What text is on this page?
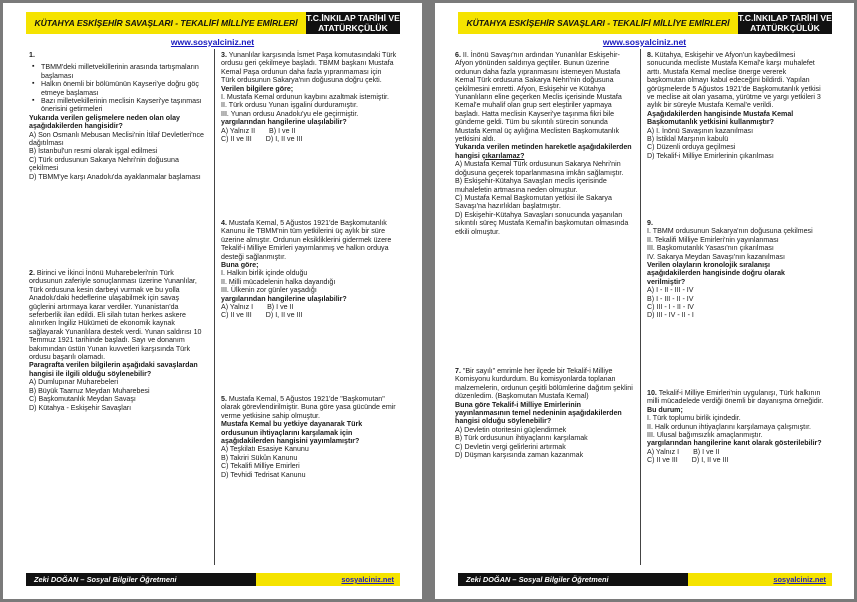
KÜTAHYA ESKİŞEHİR SAVAŞLARI - TEKALİFİ MİLLİYE EMİRLERİ	T.C.İNKILAP TARİHİ VE
ATATÜRKÇÜLÜK
www.sosyalciniz.net

1.

▪ TBMM'deki milletvekillerinin arasında tartışmaların başlaması
▪ Halkın önemli bir bölümünün Kayseri'ye doğru göç etmeye başlaması
▪ Bazı milletvekillerinin meclisin Kayseri'ye taşınması önerisini getirmeleri

Yukarıda verilen gelişmelere neden olan olay aşağıdakilerden hangisidir?

A) Son Osmanlı Mebusan Meclisi'nin İtilaf Devletleri'nce dağıtılması

B) İstanbul'un resmi olarak işgal edilmesi

C) Türk ordusunun Sakarya Nehri'nin doğusuna çekilmesi

D) TBMM'ye karşı Anadolu'da ayaklanmalar başlaması

2. Birinci ve İkinci İnönü Muharebeleri'nin Türk ordusunun zaferiyle sonuçlanması üzerine Yunanlılar, Türk ordusuna kesin darbeyi vurmak ve bu yolla Anadolu'daki hedeflerine ulaşabilmek için savaş güçlerini artırmaya karar verdiler. Yunanistan'da seferberlik ilan edildi. Eli silah tutan herkes askere alınırken İngiliz Hükümeti de ekonomik kaynak sağlayarak Yunanlılara destek verdi. Yunan saldırısı 10 Temmuz 1921 tarihinde başladı. Sayı ve donanım bakımından üstün Yunan kuvvetleri karşısında Türk ordusu başarılı olamadı.

Paragrafta verilen bilgilerin aşağıdaki savaşlardan hangisi ile ilgili olduğu söylenebilir?

A) Dumlupınar Muharebeleri

B) Büyük Taarruz Meydan Muharebesi

C) Başkomutanlık Meydan Savaşı

D) Kütahya - Eskişehir Savaşları

3. Yunanlılar karşısında İsmet Paşa komutasındaki Türk ordusu geri çekilmeye başladı. TBMM başkanı Mustafa Kemal Paşa ordunun daha fazla yıpranmaması için Türk ordusunun Sakarya'nın doğusuna doğru çekti.

Verilen bilgilere göre;

I. Mustafa Kemal ordunun kaybını azaltmak istemiştir.

II. Türk ordusu Yunan işgalini durduramıştır.

III. Yunan ordusu Anadolu'yu ele geçirmiştir.

yargılarından hangilerine ulaşılabilir?

A) Yalnız II B) I ve II
C) II ve III D) I, II ve III

4. Mustafa Kemal, 5 Ağustos 1921'de Başkomutanlık Kanunu ile TBMM'nin tüm yetkilerini üç aylık bir süre üzerine almıştır. Ordunun eksikliklerini gidermek üzere Tekalif-i Milliye Emirleri yayımlanmış ve halkın orduya desteği sağlanmıştır.

Buna göre;

I. Halkın birlik içinde olduğu

II. Milli mücadelenin halka dayandığı

III. Ülkenin zor günler yaşadığı

yargılarından hangilerine ulaşılabilir?

A) Yalnız I B) I ve II
C) II ve III D) I, II ve III

5. Mustafa Kemal, 5 Ağustos 1921'de "Başkomutan" olarak görevlendirilmiştir. Buna göre yasa gücünde emir verme yetkisine sahip olmuştur.

Mustafa Kemal bu yetkiye dayanarak Türk ordusunun ihtiyaçlarını karşılamak için aşağıdakilerden hangisini yayımlamıştır?

A) Teşkilatı Esasiye Kanunu

B) Takriri Sükûn Kanunu

C) Tekalifi Milliye Emirleri

D) Tevhidi Tedrisat Kanunu

Zeki DOĞAN – Sosyal Bilgiler Öğretmeni	sosyalciniz.net
KÜTAHYA ESKİŞEHİR SAVAŞLARI - TEKALİFİ MİLLİYE EMİRLERİ	T.C.İNKILAP TARİHİ VE
ATATÜRKÇÜLÜK
www.sosyalciniz.net

6. II. İnönü Savaşı'nın ardından Yunanlılar Eskişehir-Afyon yönünden saldırıya geçtiler. Bunun üzerine ordunun daha fazla yıpranmasını istemeyen Mustafa Kemal Türk ordusuna Sakarya Nehri'nin doğusuna çekilmesini emretti. Afyon, Eskişehir ve Kütahya Yunanlıların eline geçerken Meclis içerisinde Mustafa Kemal'e muhalif olan grup sert eleştiriler yapmaya başladı. Hatta meclisin Kayseri'ye taşınma fikri bile gündeme geldi. Tüm bu sıkıntılı sürecin sonunda Mustafa Kemal üç aylığına Meclisten Başkomutanlık yetkisini aldı.

Yukarıda verilen metinden hareketle aşağıdakilerden hangisi çıkarılamaz?

A) Mustafa Kemal Türk ordusunun Sakarya Nehri'nin doğusuna geçerek toparlanmasına imkân sağlamıştır.

B) Eskişehir-Kütahya Savaşları meclis içerisinde muhalefetin artmasına neden olmuştur.

C) Mustafa Kemal Başkomutan yetkisi ile Sakarya Savaşı'na hazırlıkları başlatmıştır.

D) Eskişehir-Kütahya Savaşları sonucunda yaşanılan sıkıntılı süreç Mustafa Kemal'in başkomutan olmasında etkili olmuştur.

7. "Bir sayılı" emrimle her ilçede bir Tekalif-i Milliye Komisyonu kurdurdum. Bu komisyonlarda toplanan malzemelerin, ordunun çeşitli bölümlerine dağıtım şeklini düzenledim. (Başkomutan Mustafa Kemal)

Buna göre Tekalif-i Milliye Emirlerinin yayınlanmasının temel nedeninin aşağıdakilerden hangisi olduğu söylenebilir?

A) Devletin otoritesini güçlendirmek

B) Türk ordusunun ihtiyaçlarını karşılamak

C) Devletin vergi gelirlerini artırmak

D) Düşman karşısında zaman kazanmak

8. Kütahya, Eskişehir ve Afyon'un kaybedilmesi sonucunda mecliste Mustafa Kemal'e karşı muhalefet arttı. Mustafa Kemal meclise önerge vererek başkomutan olmayı kabul edeceğini bildirdi. Yapılan görüşmelerde 5 Ağustos 1921'de Başkomutanlık yetkisi ve meclise ait olan yasama, yürütme ve yargı yetkileri 3 aylık bir süreyle Mustafa Kemal'e verildi.

Aşağıdakilerden hangisinde Mustafa Kemal Başkomutanlık yetkisini kullanmıştır?

A) I. İnönü Savaşının kazanılması

B) İstiklal Marşının kabulü

C) Düzenli orduya geçilmesi

D) Tekalif-i Milliye Emirlerinin çıkarılması

9.

I. TBMM ordusunun Sakarya'nın doğusuna çekilmesi

II. Tekalifi Milliye Emirleri'nin yayınlanması

III. Başkomutanlık Yasası'nın çıkarılması

IV. Sakarya Meydan Savaşı'nın kazanılması

Verilen olayların kronolojik sıralanışı aşağıdakilerden hangisinde doğru olarak verilmiştir?

A) I - II - III - IV

B) I - III - II - IV

C) III - I - II - IV

D) III - IV - II - I

10. Tekalif-i Milliye Emirleri'nin uygulanışı, Türk halkının milli mücadelede verdiği önemli bir dayanışma örneğidir.

Bu durum;

I. Türk toplumu birlik içindedir.

II. Halk ordunun ihtiyaçlarını karşılamaya çalışmıştır.

III. Ulusal bağımsızlık amaçlanmıştır.

yargılarından hangilerine kanıt olarak gösterilebilir?

A) Yalnız I B) I ve II
C) II ve III D) I, II ve III
Zeki DOĞAN – Sosyal Bilgiler Öğretmeni	sosyalciniz.net
